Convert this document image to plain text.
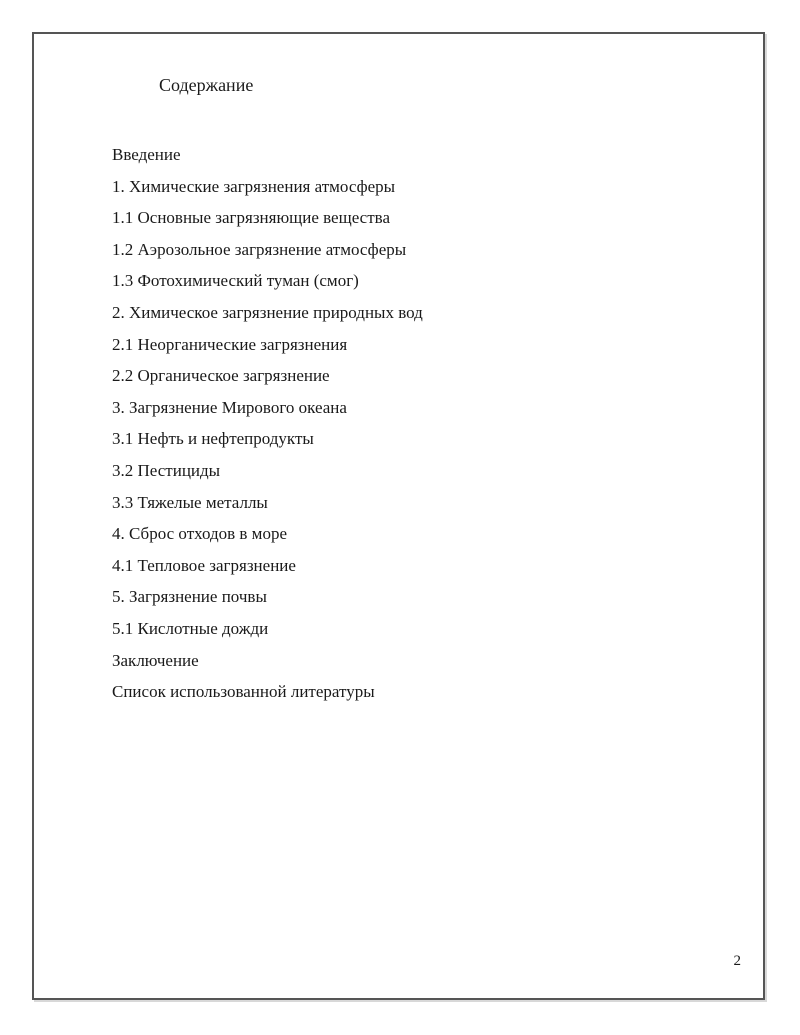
Содержание
Введение
1. Химические загрязнения атмосферы
1.1 Основные загрязняющие вещества
1.2 Аэрозольное загрязнение атмосферы
1.3 Фотохимический туман (смог)
2. Химическое загрязнение природных вод
2.1 Неорганические загрязнения
2.2 Органическое загрязнение
3. Загрязнение Мирового океана
3.1 Нефть и нефтепродукты
3.2 Пестициды
3.3 Тяжелые металлы
4. Сброс отходов в море
4.1 Тепловое загрязнение
5. Загрязнение почвы
5.1 Кислотные дожди
Заключение
Список использованной литературы
2
